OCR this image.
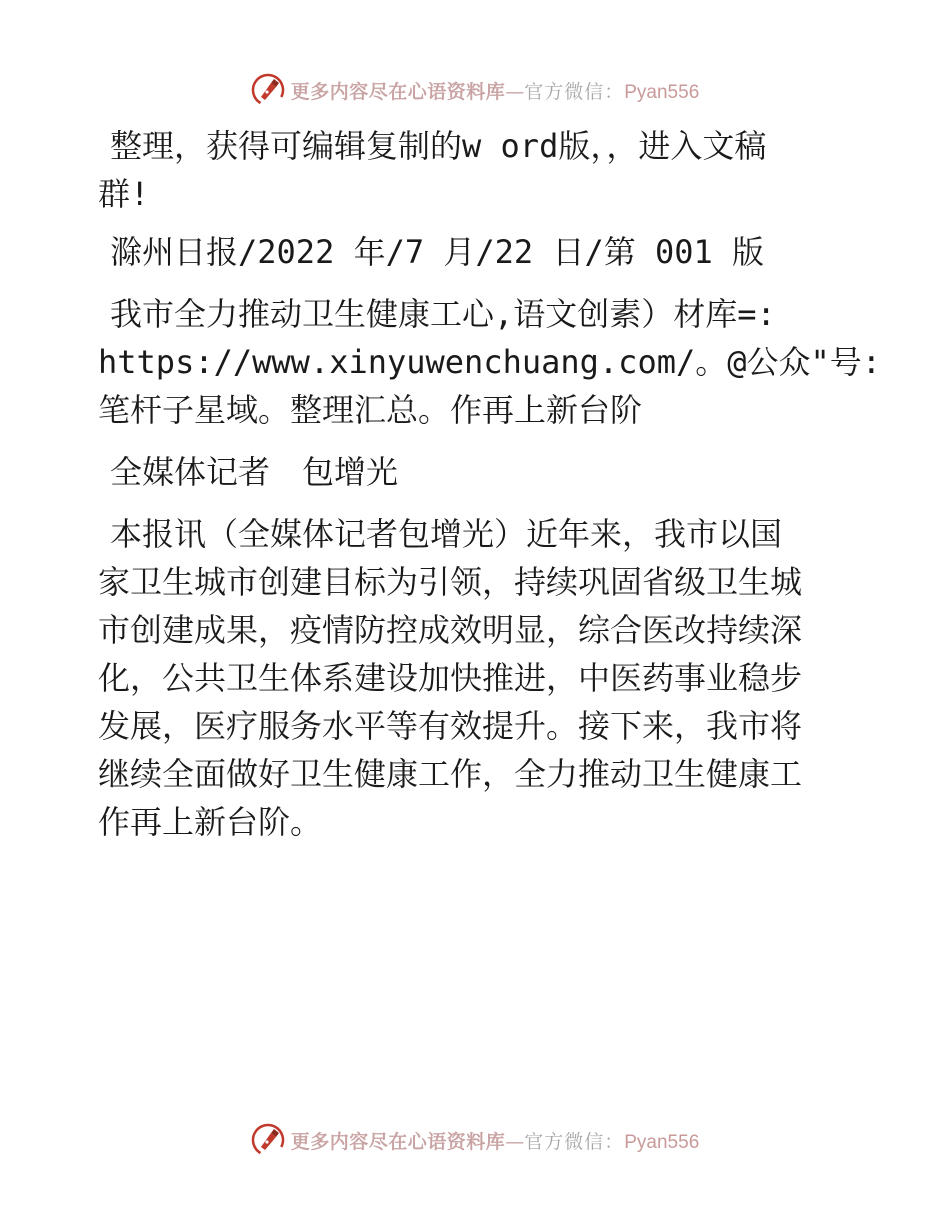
更多内容尽在心语资料库—官方微信：Pyan556
整理，获得可编辑复制的w ord版，，进入文稿
群!
滁州日报/2022 年/7 月/22 日/第 001 版
我市全力推动卫生健康工心,语文创素）材库=:
https://www.xinyuwenchuang.com/。@公众"号:
笔杆子星域。整理汇总。作再上新台阶
全媒体记者　包增光
本报讯（全媒体记者包增光）近年来，我市以国
家卫生城市创建目标为引领，持续巩固省级卫生城
市创建成果，疫情防控成效明显，综合医改持续深
化，公共卫生体系建设加快推进，中医药事业稳步
发展，医疗服务水平等有效提升。接下来，我市将
继续全面做好卫生健康工作，全力推动卫生健康工
作再上新台阶。
更多内容尽在心语资料库—官方微信：Pyan556
